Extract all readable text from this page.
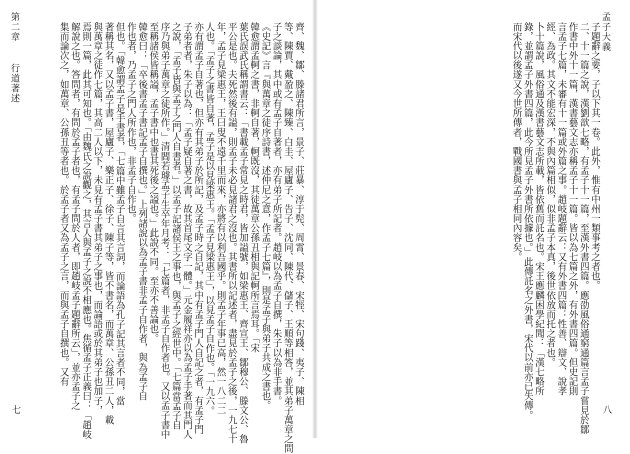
孟子大義
子題辭之要，子以下其一卷。此外，惟有中州一類事考之者也。
二、十一篇之說，漢劉歆七略，有孟子十一篇，至漢外書四篇。應劭風俗通窮通篇言孟子嘗見於鄒
作書中外十一篇，漢書藝文志亦稱孟子十一篇。皆以為七篇之外，有外書四篇。但史記則
言孟子七篇，未審有十一篇或外篇之事。趙岐題辭云：又有外書四篇：性善、辯文、說孝
經、為政。其文不能宏深，不與內篇相似，似非孟子本真，後世依放而托之者也。
卜十篇說，風俗通及漢書藝文志所載，皆依舊而託名也。宋王應麟困學紀聞：「漢七略所
錄，並謂孟子外書四篇，此今所見孟子外書所依據也。」此傳託名之外書，宋代以前亦已失傳。
而宋代以後遂又今世所傳者，戰國書與孟子相同內容矣。
八
齊、魏、鄒、滕諸君所言，景子、莊暴、淳于髡、周霄、景春、宋牼、宋句踐、夷子、陳相
等、陳賈、戴盈之、陳臻、白圭、屋廬子、告子、沈同、陳代、儲子、王順等相答，並其弟子萬章之問
子之談論，其中或有孟子自著者，亦有弟子所記者。趙岐以為孟子自撰，朱子以為非手書。
《史記》言『與萬章之徒序詩書，述仲尼之意，作孟子七篇』，則是孟子與弟子共成之書也。
韓愈謂孟軻之書，非軻自著，軻既沒，其徒萬章公孫丑相與記軻所言焉耳。「宋
葉氏誤武氏稱謂書云：「書載孟子常見之時君，皆加謚號，如梁惠王、齊宣王、鄒穆公、滕文公、魯
平公是也。夫死然後有謚，則孟子未必見諸君之沒也。其書所以記述者，盡見於孟子之後，一九七十
年，孟子見梁惠王，王曰叟不遠千里而來，亦將有以利吾國乎。則孟子年事已高，然一八二二
人也。「孟子之書皆自著，孟子是以見梁惠王。「孟子見梁惠王」，以見孟子自作也。「一九六。
亦有謂孟子自著也，但亦有其弟子於所記，及孟子時之自記，其中有孟子門人自記之者，有孟子門
子弟者者，朱子以為：「孟子疑自著之書，故其首尾文字一體。」元金履祥亦以為孟子手著而其門人
之說，「孟子皆與孟子之門人自書者。」以孟子記諸侯王之事也，與孟子之經世中。「七篇當孟子自
序乃與弟子萬章之徒所作。」清閻若璩孟子生卒年月考：「七篇者，非孟子自作者也。又以孟子書中
至稱諸侯皆稱謚，孟子書中也書其死後之謚也。」此說不同。至亦不善論也。
韓愈曰：「卒後書孟子書記孟子自撰也。」上列諸說以為孟子書非孟子自作者，與為孟子自
作也者，乃孟子之門人所作也，非孟子自作也。
但也。「韓愈謂孟子是手書者，「七篇中雖孟子自言其言詞，而論語為孔子記其言者不同，當
著稱其名，又以孟子書，屋廬子、樂正子、徐子、陳子等，皆不書名，而萬章、公孫丑二人，載
與萬章之徒作七篇，其高二人以下，未見有孟子書其弟子之事也，而論語或於其弟子也加子，
焉則一篇，此其可知也。「由魏氏之說觀之，其言人與孟子之說不相應也。焦循孟子正義曰：「趙岐
解說之也。答問者，有問於孟子者也，有孟子問於人者，即趙岐孟子題辭所云」，並亦孟子之
集而論次之，如萬章、公孫丑等者也。於孟子者又為孟子之言，而與孟子自撰也。又有
第二章  行道著述
七
